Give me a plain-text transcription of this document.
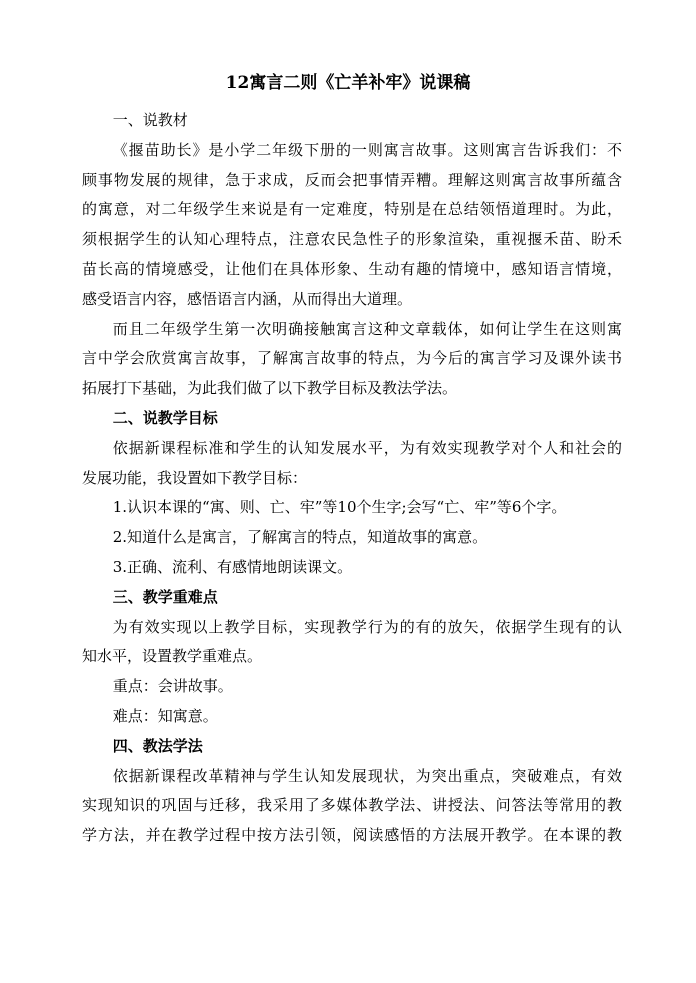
12寓言二则《亡羊补牢》说课稿

一、说教材

《揠苗助长》是小学二年级下册的一则寓言故事。这则寓言告诉我们：不
顾事物发展的规律，急于求成，反而会把事情弄糟。理解这则寓言故事所蕴含
的寓意，对二年级学生来说是有一定难度，特别是在总结领悟道理时。为此，
须根据学生的认知心理特点，注意农民急性子的形象渲染，重视揠禾苗、盼禾
苗长高的情境感受，让他们在具体形象、生动有趣的情境中，感知语言情境，
感受语言内容，感悟语言内涵，从而得出大道理。

而且二年级学生第一次明确接触寓言这种文章载体，如何让学生在这则寓
言中学会欣赏寓言故事，了解寓言故事的特点，为今后的寓言学习及课外读书
拓展打下基础，为此我们做了以下教学目标及教法学法。

二、说教学目标

依据新课程标准和学生的认知发展水平，为有效实现教学对个人和社会的
发展功能，我设置如下教学目标：

1.认识本课的“寓、则、亡、牢”等10个生字;会写“亡、牢”等6个字。

2.知道什么是寓言，了解寓言的特点，知道故事的寓意。

3.正确、流利、有感情地朗读课文。

三、教学重难点

为有效实现以上教学目标，实现教学行为的有的放矢，依据学生现有的认
知水平，设置教学重难点。

重点：会讲故事。

难点：知寓意。

四、教法学法

依据新课程改革精神与学生认知发展现状，为突出重点，突破难点，有效
实现知识的巩固与迁移，我采用了多媒体教学法、讲授法、问答法等常用的教
学方法，并在教学过程中按方法引领，阅读感悟的方法展开教学。在本课的教
